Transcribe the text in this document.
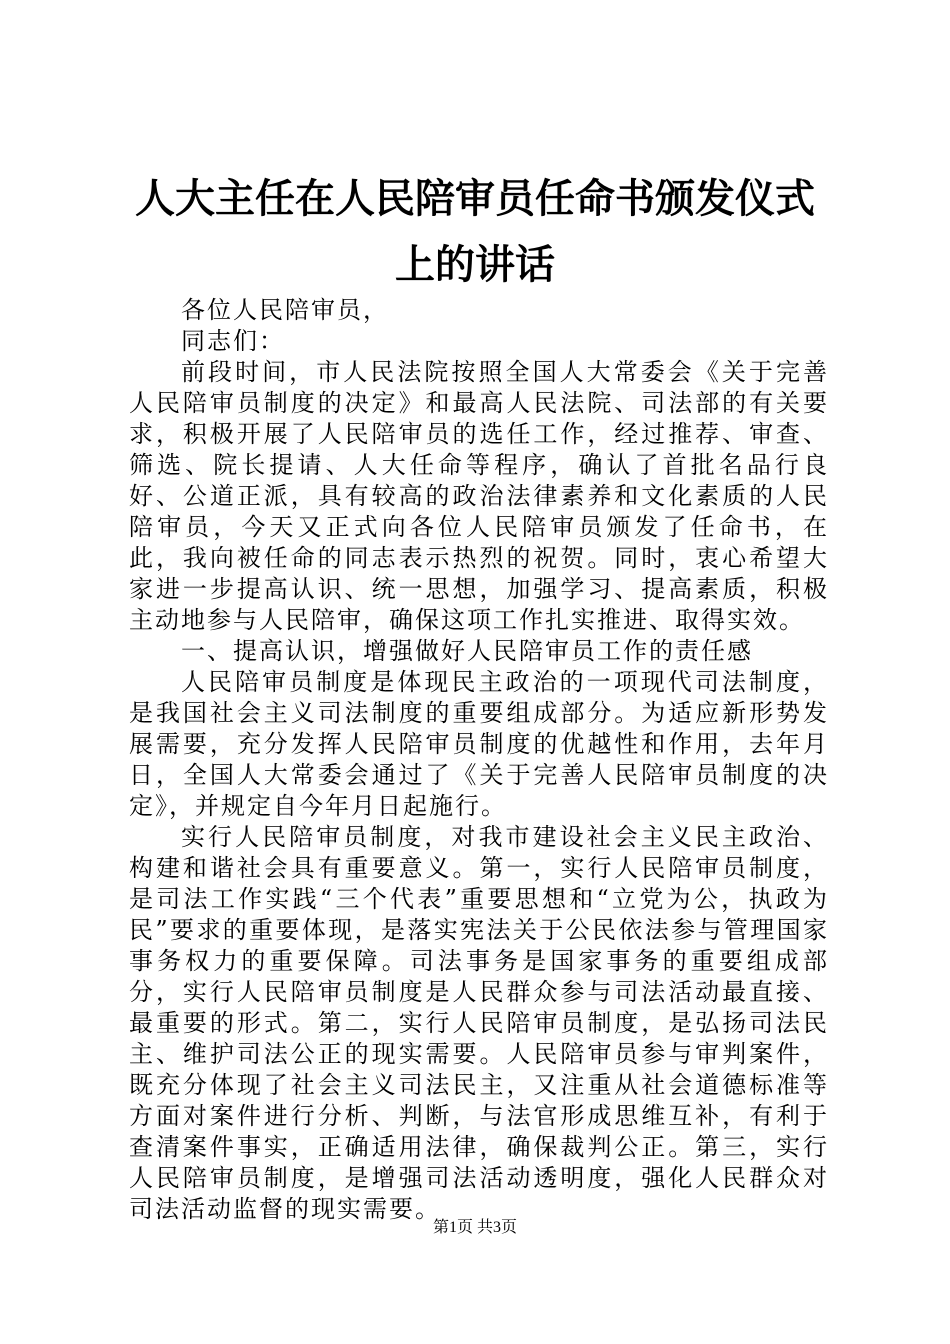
人大主任在人民陪审员任命书颁发仪式上的讲话

各位人民陪审员，

同志们：

前段时间，市人民法院按照全国人大常委会《关于完善人民陪审员制度的决定》和最高人民法院、司法部的有关要求，积极开展了人民陪审员的选任工作，经过推荐、审查、筛选、院长提请、人大任命等程序，确认了首批名品行良好、公道正派，具有较高的政治法律素养和文化素质的人民陪审员，今天又正式向各位人民陪审员颁发了任命书，在此，我向被任命的同志表示热烈的祝贺。同时，衷心希望大家进一步提高认识、统一思想，加强学习、提高素质，积极主动地参与人民陪审，确保这项工作扎实推进、取得实效。

一、提高认识，增强做好人民陪审员工作的责任感

人民陪审员制度是体现民主政治的一项现代司法制度，是我国社会主义司法制度的重要组成部分。为适应新形势发展需要，充分发挥人民陪审员制度的优越性和作用，去年月日，全国人大常委会通过了《关于完善人民陪审员制度的决定》，并规定自今年月日起施行。

实行人民陪审员制度，对我市建设社会主义民主政治、构建和谐社会具有重要意义。第一，实行人民陪审员制度，是司法工作实践“三个代表”重要思想和“立党为公，执政为民”要求的重要体现，是落实宪法关于公民依法参与管理国家事务权力的重要保障。司法事务是国家事务的重要组成部分，实行人民陪审员制度是人民群众参与司法活动最直接、最重要的形式。第二，实行人民陪审员制度，是弘扬司法民主、维护司法公正的现实需要。人民陪审员参与审判案件，既充分体现了社会主义司法民主，又注重从社会道德标准等方面对案件进行分析、判断，与法官形成思维互补，有利于查清案件事实，正确适用法律，确保裁判公正。第三，实行人民陪审员制度，是增强司法活动透明度，强化人民群众对司法活动监督的现实需要。

第1页 共3页
